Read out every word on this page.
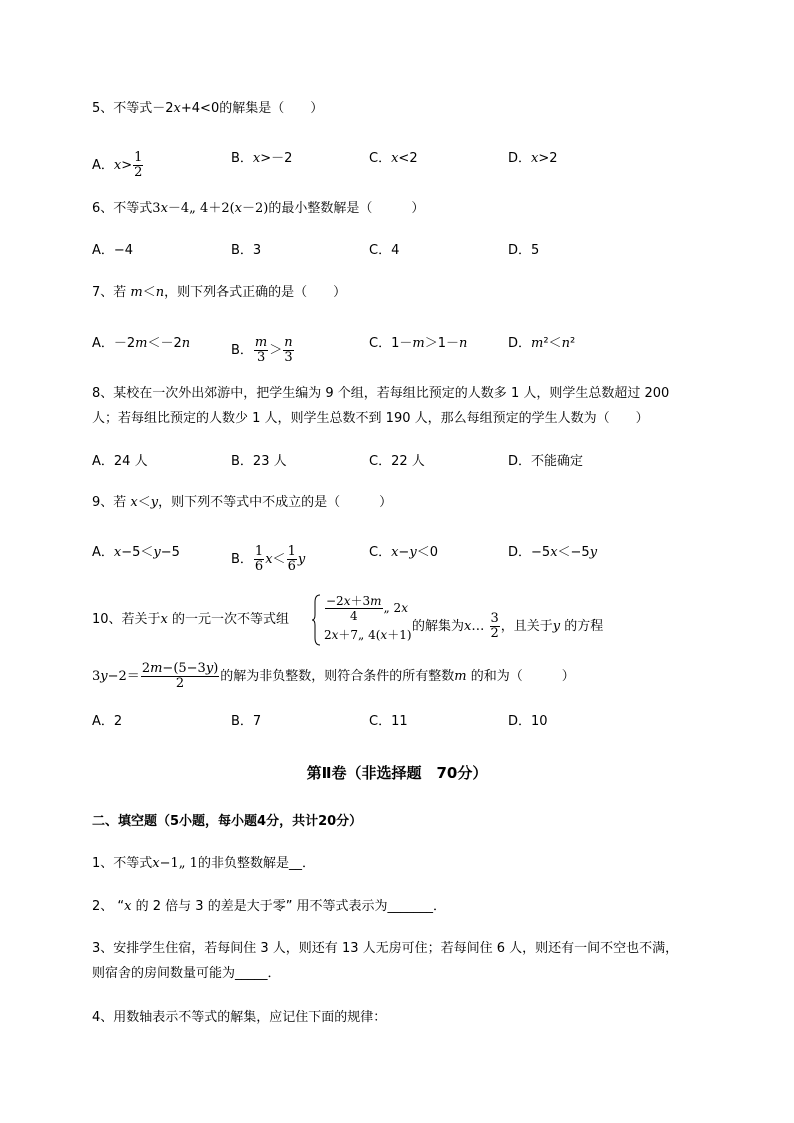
5、不等式－2x+4<0的解集是（　　）
A．$x> \frac{1}{2}$	B．x>－2	C．x<2	D．x>2
6、不等式3x－4„ 4＋2(x－2)的最小整数解是（　　　）
A．−4	B．3	C．4	D．5
7、若 m＜n，则下列各式正确的是（　　）
A．－2m＜－2n	B． $\frac{m}{3} > \frac{n}{3}$	C．1－m＞1－n	D．m²＜n²
8、某校在一次外出郊游中，把学生编为 9 个组，若每组比预定的人数多 1 人，则学生总数超过 200
人；若每组比预定的人数少 1 人，则学生总数不到 190 人，那么每组预定的学生人数为（　　）
A．24 人	B．23 人	C．22 人	D．不能确定
9、若 x＜y，则下列不等式中不成立的是（　　　）
A．x−5＜y−5	B． $\frac{1}{6} x< \frac{1}{6}$ y	C．x−y＜0	D．−5x＜−5y
10、若关于x 的一元一次不等式组	$\frac{-2x+3m}{4}$ „ 2x
2x＋7„ 4(x＋1)
的解集为x… $\frac{3}{2}$ ，且关于y 的方程
$3y-2= \frac{2m-(5-3y)}{2}$ 的解为非负整数，则符合条件的所有整数m 的和为（　　　）
A．2	B．7	C．11	D．10
第Ⅱ卷（非选择题　70分）
二、填空题（5小题，每小题4分，共计20分）
1、不等式x−1„ 1的非负整数解是__．
2、 “x 的 2 倍与 3 的差是大于零” 用不等式表示为_______．
3、安排学生住宿，若每间住 3 人，则还有 13 人无房可住；若每间住 6 人，则还有一间不空也不满，
则宿舍的房间数量可能为_____．
4、用数轴表示不等式的解集，应记住下面的规律：
